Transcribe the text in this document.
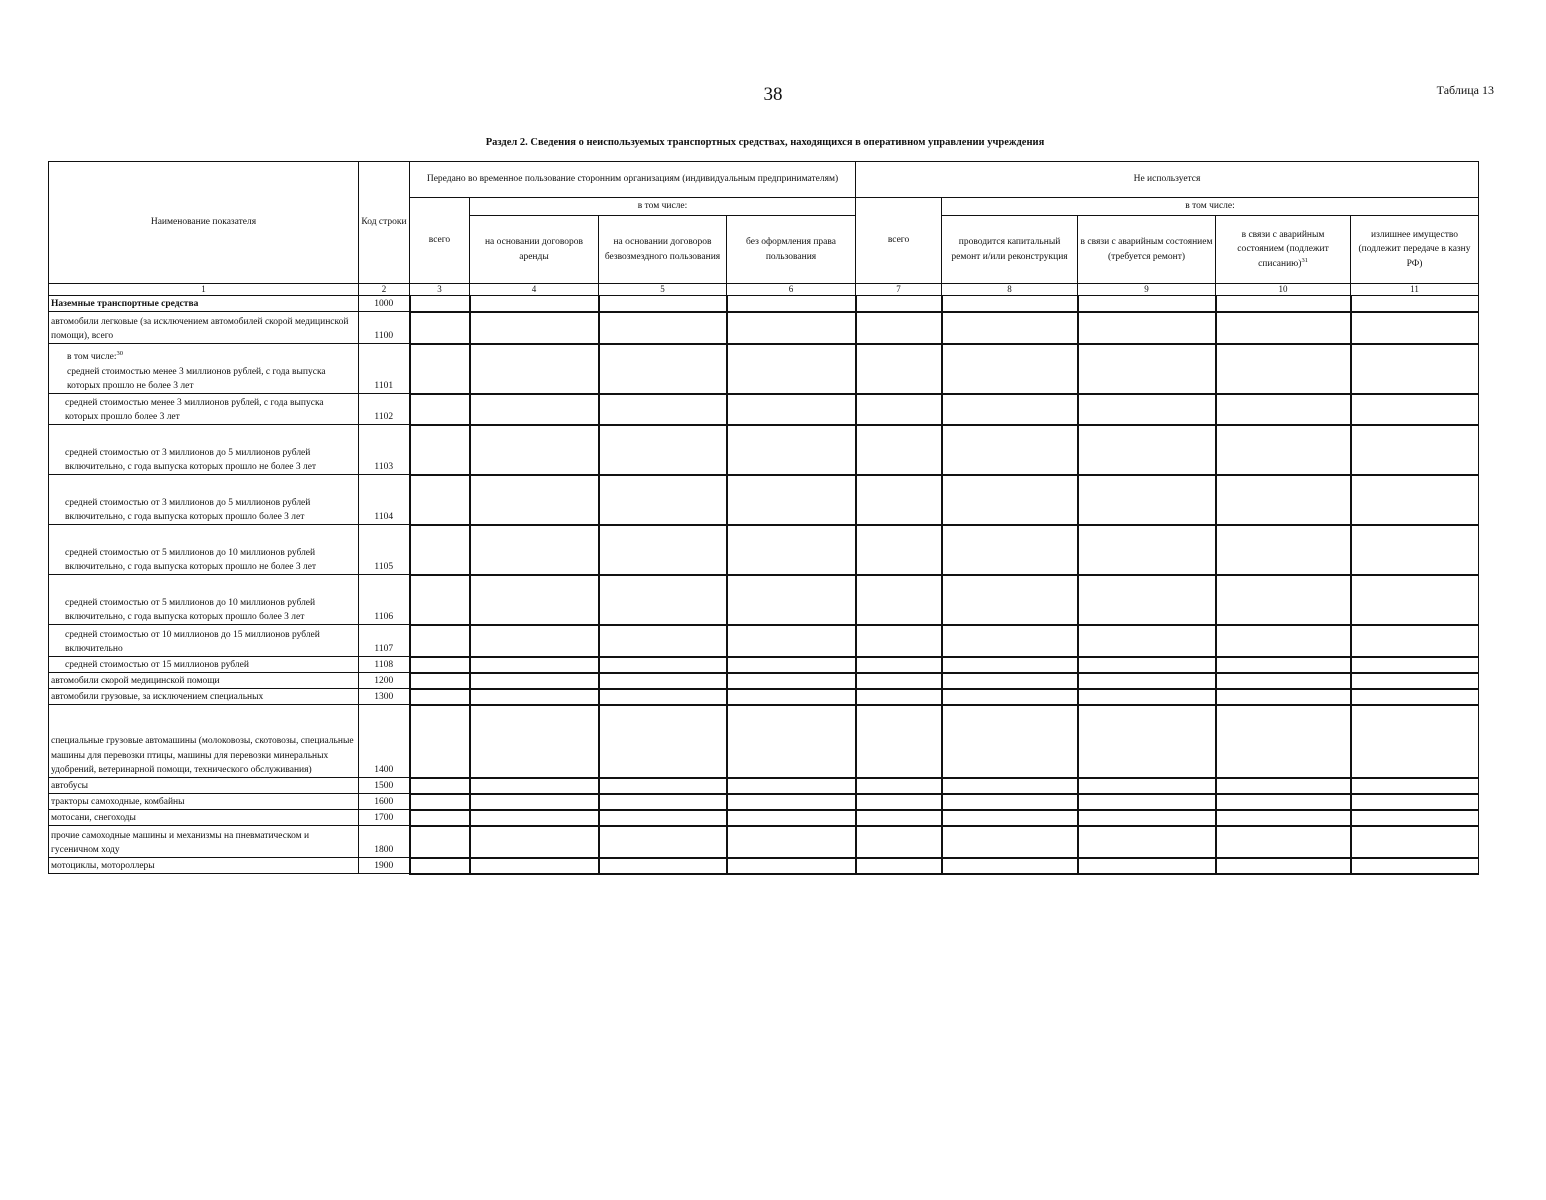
38	Таблица 13
Раздел 2. Сведения о неиспользуемых транспортных средствах, находящихся в оперативном управлении учреждения
Наименование показателя	Код строки	Передано во временное пользование сторонним организациям (индивидуальным предпринимателям)				Не используется				
		всего	в том числе:			всего	в том числе:			
			на основании договоров аренды	на основании договоров безвозмездного пользования	без оформления права пользования		проводится капитальный ремонт и/или реконструкция	в связи с аварийным состоянием (требуется ремонт)	в связи с аварийным состоянием (подлежит списанию)$^{31}$	излишнее имущество (подлежит передаче в казну РФ)
1	2	3	4	5	6	7	8	9	10	11
Наземные транспортные средства	1000									
автомобили легковые (за исключением автомобилей скорой медицинской помощи), всего	1100									

в том числе:$^{30}$
средней стоимостью менее 3 миллионов рублей, с года выпуска которых прошло не более 3 лет	1101									
средней стоимостью менее 3 миллионов рублей, с года выпуска которых прошло более 3 лет	1102									
средней стоимостью от 3 миллионов до 5 миллионов рублей включительно, с года выпуска которых прошло не более 3 лет	1103									
средней стоимостью от 3 миллионов до 5 миллионов рублей включительно, с года выпуска которых прошло более 3 лет	1104									
средней стоимостью от 5 миллионов до 10 миллионов рублей включительно, с года выпуска которых прошло не более 3 лет	1105									
средней стоимостью от 5 миллионов до 10 миллионов рублей включительно, с года выпуска которых прошло более 3 лет	1106									
средней стоимостью от 10 миллионов до 15 миллионов рублей включительно	1107									
средней стоимостью от 15 миллионов рублей	1108									
автомобили скорой медицинской помощи	1200									
автомобили грузовые, за исключением специальных	1300									
специальные грузовые автомашины (молоковозы, скотовозы, специальные машины для перевозки птицы, машины для перевозки минеральных удобрений, ветеринарной помощи, технического обслуживания)	1400									
автобусы	1500									
тракторы самоходные, комбайны	1600									
мотосани, снегоходы	1700									
прочие самоходные машины и механизмы на пневматическом и гусеничном ходу	1800									
мотоциклы, мотороллеры	1900									
